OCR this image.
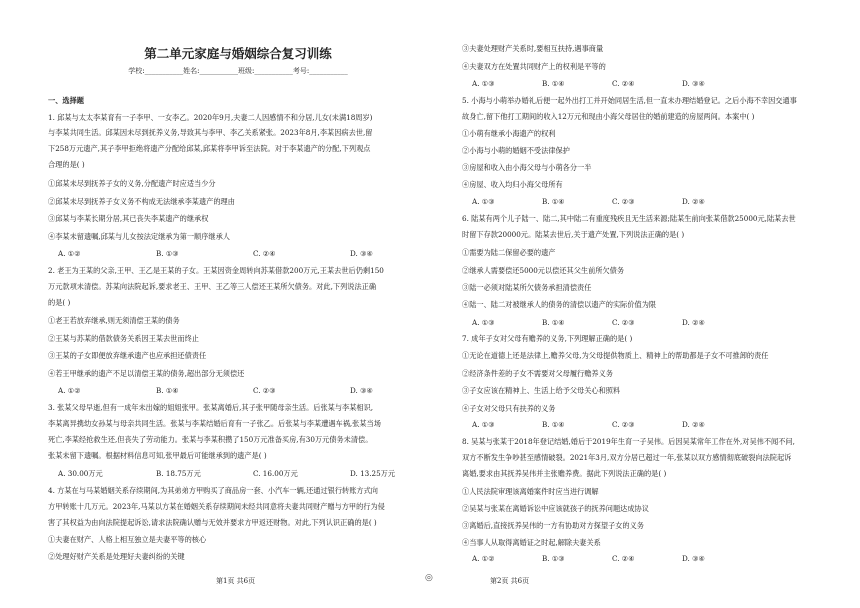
第二单元家庭与婚姻综合复习训练
学校:___________姓名:___________班级:___________考号:___________
一、选择题
1. 邱某与太太李某育有一子李甲、一女李乙。2020年9月,夫妻二人因感情不和分居,儿女(未满18周岁)
与李某共同生活。邱某因未尽到抚养义务,导致其与李甲、李乙关系紧张。2023年8月,李某因病去世,留
下258万元遗产,其子李甲拒绝将遗产分配给邱某,邱某将李甲诉至法院。对于李某遗产的分配,下列观点
合理的是( )
①邱某未尽到抚养子女的义务,分配遗产时应适当少分
②邱某未尽到抚养子女义务不构成无法继承李某遗产的理由
③邱某与李某长期分居,其已丧失李某遗产的继承权
④李某未留遗嘱,邱某与儿女按法定继承为第一顺序继承人
A. ①②	B. ①③	C. ②④	D. ③④
2. 老王为王某的父亲,王甲、王乙是王某的子女。王某因资金周转向苏某借款200万元,王某去世后仍剩150
万元款项未清偿。苏某向法院起诉,要求老王、王甲、王乙等三人偿还王某所欠债务。对此,下列说法正确
的是( )
①老王若放弃继承,则无须清偿王某的债务
②王某与苏某的借款债务关系因王某去世而终止
③王某的子女即便放弃继承遗产也应承担还债责任
④若王甲继承的遗产不足以清偿王某的债务,超出部分无须偿还
A. ①②	B. ①④	C. ②③	D. ③④
3. 张某父母早逝,但有一成年未出嫁的姐姐张甲。张某离婚后,其子张甲随母亲生活。后张某与李某相识,
李某离异携幼女孙某与母亲共同生活。张某与李某结婚后育有一子张乙。后张某与李某遭遇车祸,张某当场
死亡,李某经抢救生还,但丧失了劳动能力。张某与李某积攒了150万元准备买房,有30万元债务未清偿。
张某未留下遗嘱。根据材料信息可知,张甲最后可能继承到的遗产是( )
A. 30.00万元	B. 18.75万元	C. 16.00万元	D. 13.25万元
4. 方某在与马某婚姻关系存续期间,为其弟弟方甲购买了商品房一套、小汽车一辆,还通过银行转账方式向
方甲转账十几万元。2023年,马某以方某在婚姻关系存续期间未经共同意将夫妻共同财产赠与方甲的行为侵
害了其权益为由向法院提起诉讼,请求法院确认赠与无效并要求方甲返还财物。对此,下列认识正确的是( )
①夫妻在财产、人格上相互独立是夫妻平等的核心
②处理好财产关系是处理好夫妻纠纷的关键
第1页 共6页	◎
③夫妻处理财产关系时,要相互扶持,遇事商量
④夫妻双方在处置共同财产上的权利是平等的
A. ①③	B. ①④	C. ②④	D. ③④
5. 小海与小萌举办婚礼后便一起外出打工并开始同居生活,但一直未办理结婚登记。之后小海不幸因交通事
故身亡,留下他打工期间的收入12万元和现由小海父母居住的婚前建造的房屋两间。本案中( )
①小萌有继承小海遗产的权利
②小海与小萌的婚姻不受法律保护
③房屋和收入由小海父母与小萌各分一半
④房屋、收入均归小海父母所有
A. ①③	B. ①④	C. ②③	D. ②④
6. 陆某有两个儿子陆一、陆二,其中陆二有重度残疾且无生活来源;陆某生前向张某借款25000元,陆某去世
时留下存款20000元。陆某去世后,关于遗产处置,下列说法正确的是( )
①需要为陆二保留必要的遗产
②继承人需要偿还5000元以偿还其父生前所欠债务
③陆一必须对陆某所欠债务承担清偿责任
④陆一、陆二对被继承人的债务的清偿以遗产的实际价值为限
A. ①③	B. ①④	C. ②③	D. ②④
7. 成年子女对父母有赡养的义务,下列理解正确的是( )
①无论在道德上还是法律上,赡养父母,为父母提供物质上、精神上的帮助都是子女不可推卸的责任
②经济条件差的子女不需要对父母履行赡养义务
③子女应该在精神上、生活上给予父母关心和照料
④子女对父母只有扶养的义务
A. ①③	B. ①④	C. ②③	D. ②④
8. 吴某与张某于2018年登记结婚,婚后于2019年生育一子吴伟。后因吴某常年工作在外,对吴伟不闻不问,
双方不断发生争吵甚至感情破裂。2021年3月,双方分居已超过一年,张某以双方感情彻底破裂向法院起诉
离婚,要求由其抚养吴伟并主张赡养费。据此下列说法正确的是( )
①人民法院审理该离婚案件时应当进行调解
②吴某与张某在离婚诉讼中应该就孩子的抚养问题达成协议
③离婚后,直接抚养吴伟的一方有协助对方探望子女的义务
④当事人从取得离婚证之时起,解除夫妻关系
A. ①②	B. ①③	C. ②④	D. ③④
第2页 共6页
